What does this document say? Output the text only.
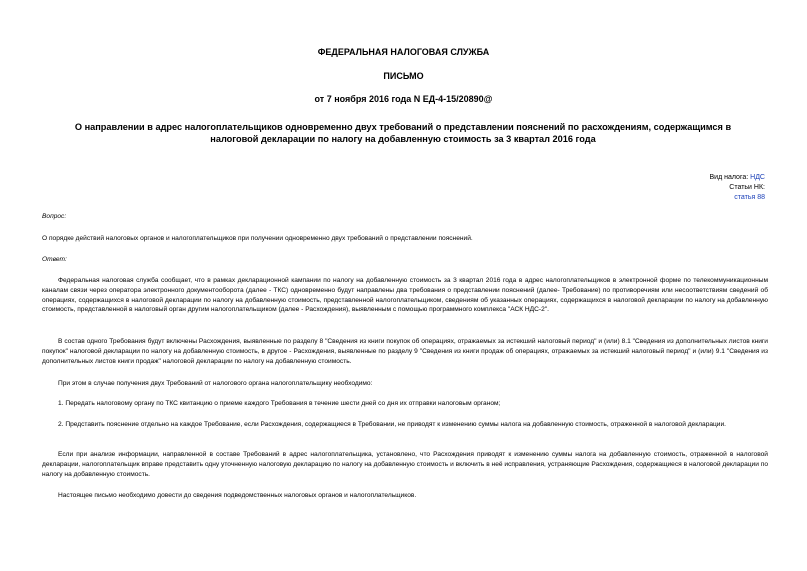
ФЕДЕРАЛЬНАЯ НАЛОГОВАЯ СЛУЖБА
ПИСЬМО
от 7 ноября 2016 года N ЕД-4-15/20890@
О направлении в адрес налогоплательщиков одновременно двух требований о представлении пояснений по расхождениям, содержащимся в налоговой декларации по налогу на добавленную стоимость за 3 квартал 2016 года
Вид налога: НДС
Статьи НК:
статья 88

Вопрос:

О порядке действий налоговых органов и налогоплательщиков при получении одновременно двух требований о представлении пояснений.

Ответ:

Федеральная налоговая служба сообщает, что в рамках декларационной кампании по налогу на добавленную стоимость за 3 квартал 2016 года в адрес налогоплательщиков в электронной форме по телекоммуникационным каналам связи через оператора электронного документооборота (далее - ТКС) одновременно будут направлены два требования о представлении пояснений (далее- Требование) по противоречиям или несоответствиям сведений об операциях, содержащихся в налоговой декларации по налогу на добавленную стоимость, представленной налогоплательщиком, сведениям об указанных операциях, содержащихся в налоговой декларации по налогу на добавленную стоимость, представленной в налоговый орган другим налогоплательщиком (далее - Расхождения), выявленным с помощью программного комплекса "АСК НДС-2".

В состав одного Требования будут включены Расхождения, выявленные по разделу 8 "Сведения из книги покупок об операциях, отражаемых за истекший налоговый период" и (или) 8.1 "Сведения из дополнительных листов книги покупок" налоговой декларации по налогу на добавленную стоимость, в другое - Расхождения, выявленные по разделу 9 "Сведения из книги продаж об операциях, отражаемых за истекший налоговый период" и (или) 9.1 "Сведения из дополнительных листов книги продаж" налоговой декларации по налогу на добавленную стоимость.

При этом в случае получения двух Требований от налогового органа налогоплательщику необходимо:

1. Передать налоговому органу по ТКС квитанцию о приеме каждого Требования в течение шести дней со дня их отправки налоговым органом;

2. Представить пояснение отдельно на каждое Требование, если Расхождения, содержащиеся в Требовании, не приводят к изменению суммы налога на добавленную стоимость, отраженной в налоговой декларации.

Если при анализе информации, направленной в составе Требований в адрес налогоплательщика, установлено, что Расхождения приводят к изменению суммы налога на добавленную стоимость, отраженной в налоговой декларации, налогоплательщик вправе представить одну уточненную налоговую декларацию по налогу на добавленную стоимость и включить в неё исправления, устраняющие Расхождения, содержащиеся в налоговой декларации по налогу на добавленную стоимость.

Настоящее письмо необходимо довести до сведения подведомственных налоговых органов и налогоплательщиков.
